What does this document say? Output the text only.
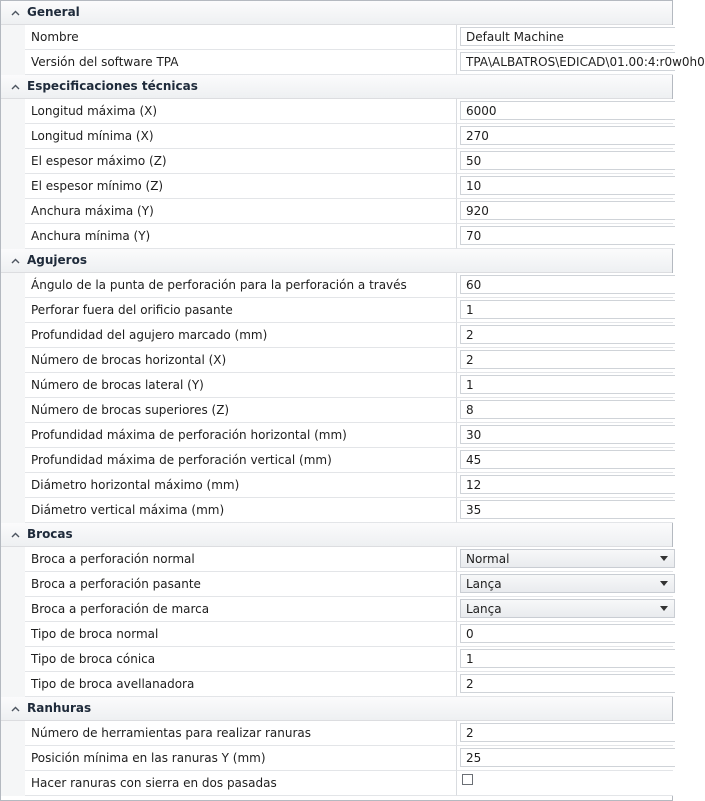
General
Nombre	Default Machine
Versión del software TPA	TPA\ALBATROS\EDICAD\01.00:4:r0w0h0
Especificaciones técnicas
Longitud máxima (X)	6000
Longitud mínima (X)	270
El espesor máximo (Z)	50
El espesor mínimo (Z)	10
Anchura máxima (Y)	920
Anchura mínima (Y)	70
Agujeros
Ángulo de la punta de perforación para la perforación a través	60
Perforar fuera del orificio pasante	1
Profundidad del agujero marcado (mm)	2
Número de brocas horizontal (X)	2
Número de brocas lateral (Y)	1
Número de brocas superiores (Z)	8
Profundidad máxima de perforación horizontal (mm)	30
Profundidad máxima de perforación vertical (mm)	45
Diámetro horizontal máximo (mm)	12
Diámetro vertical máxima (mm)	35
Brocas
Broca a perforación normal	Normal
Broca a perforación pasante	Lança
Broca a perforación de marca	Lança
Tipo de broca normal	0
Tipo de broca cónica	1
Tipo de broca avellanadora	2
Ranhuras
Número de herramientas para realizar ranuras	2
Posición mínima en las ranuras Y (mm)	25
Hacer ranuras con sierra en dos pasadas
